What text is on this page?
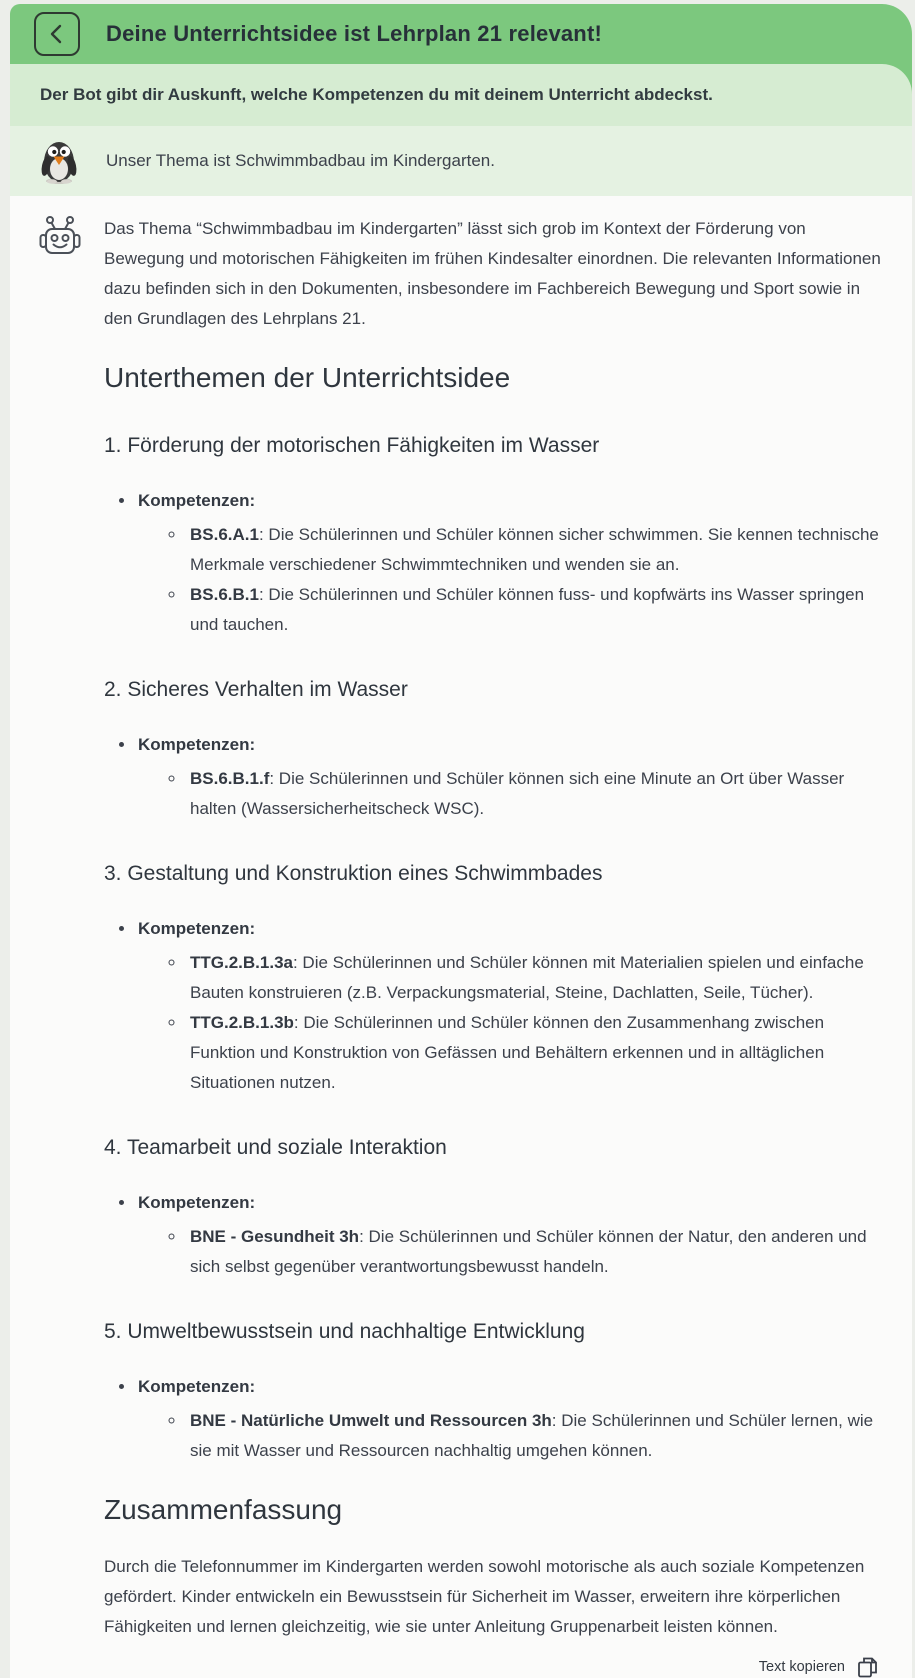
Deine Unterrichtsidee ist Lehrplan 21 relevant!
Der Bot gibt dir Auskunft, welche Kompetenzen du mit deinem Unterricht abdeckst.
Unser Thema ist Schwimmbadbau im Kindergarten.

Das Thema “Schwimmbadbau im Kindergarten” lässt sich grob im Kontext der Förderung von Bewegung und motorischen Fähigkeiten im frühen Kindesalter einordnen. Die relevanten Informationen dazu befinden sich in den Dokumenten, insbesondere im Fachbereich Bewegung und Sport sowie in den Grundlagen des Lehrplans 21.

Unterthemen der Unterrichtsidee
1. Förderung der motorischen Fähigkeiten im Wasser
• Kompetenzen:
◦ BS.6.A.1: Die Schülerinnen und Schüler können sicher schwimmen. Sie kennen technische Merkmale verschiedener Schwimmtechniken und wenden sie an.
◦ BS.6.B.1: Die Schülerinnen und Schüler können fuss- und kopfwärts ins Wasser springen und tauchen.
2. Sicheres Verhalten im Wasser
• Kompetenzen:
◦ BS.6.B.1.f: Die Schülerinnen und Schüler können sich eine Minute an Ort über Wasser halten (Wassersicherheitscheck WSC).
3. Gestaltung und Konstruktion eines Schwimmbades
• Kompetenzen:
◦ TTG.2.B.1.3a: Die Schülerinnen und Schüler können mit Materialien spielen und einfache Bauten konstruieren (z.B. Verpackungsmaterial, Steine, Dachlatten, Seile, Tücher).
◦ TTG.2.B.1.3b: Die Schülerinnen und Schüler können den Zusammenhang zwischen Funktion und Konstruktion von Gefässen und Behältern erkennen und in alltäglichen Situationen nutzen.
4. Teamarbeit und soziale Interaktion
• Kompetenzen:
◦ BNE - Gesundheit 3h: Die Schülerinnen und Schüler können der Natur, den anderen und sich selbst gegenüber verantwortungsbewusst handeln.
5. Umweltbewusstsein und nachhaltige Entwicklung
• Kompetenzen:
◦ BNE - Natürliche Umwelt und Ressourcen 3h: Die Schülerinnen und Schüler lernen, wie sie mit Wasser und Ressourcen nachhaltig umgehen können.
Zusammenfassung

Durch die Telefonnummer im Kindergarten werden sowohl motorische als auch soziale Kompetenzen gefördert. Kinder entwickeln ein Bewusstsein für Sicherheit im Wasser, erweitern ihre körperlichen Fähigkeiten und lernen gleichzeitig, wie sie unter Anleitung Gruppenarbeit leisten können.

Text kopieren
